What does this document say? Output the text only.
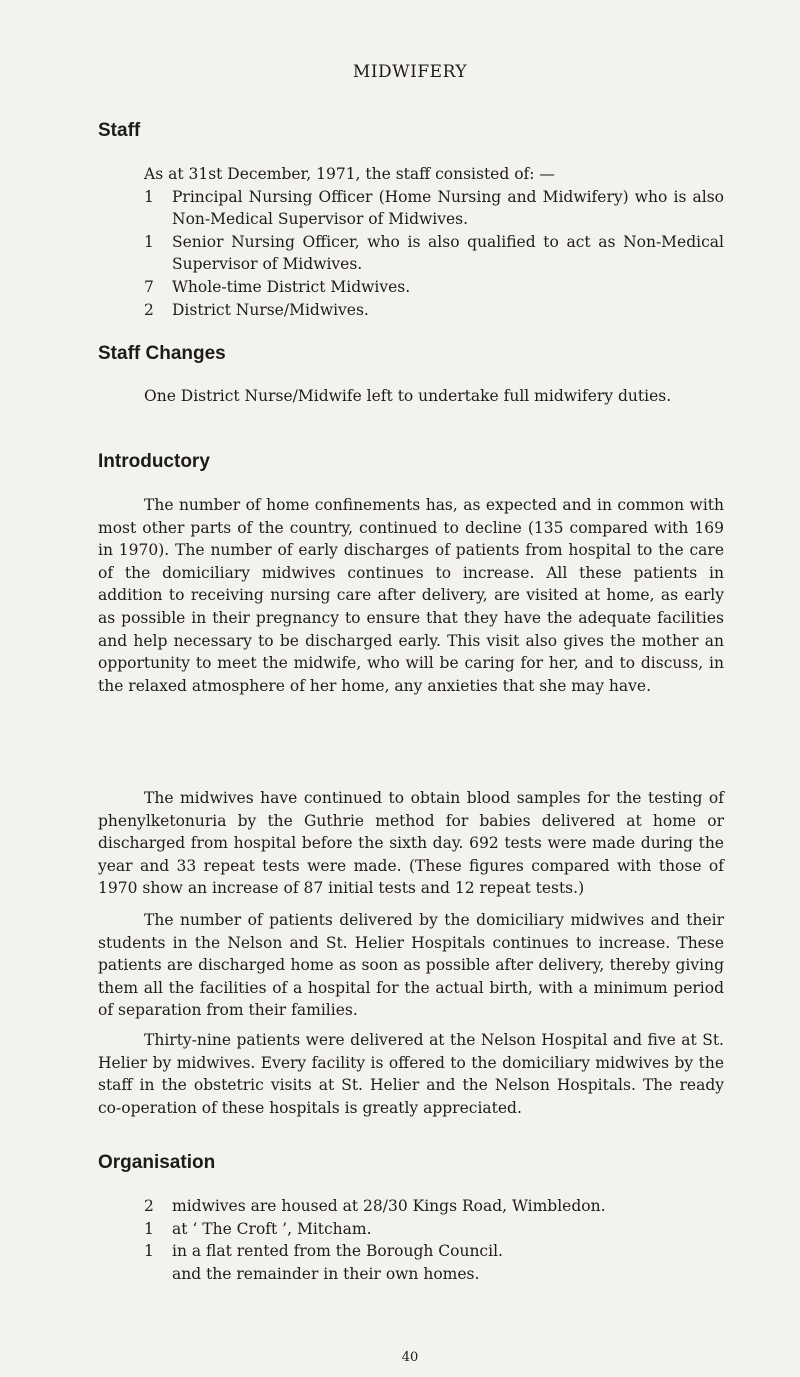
MIDWIFERY
Staff

As at 31st December, 1971, the staff consisted of: —

1	Principal Nursing Officer (Home Nursing and Midwifery) who is also Non-Medical Supervisor of Midwives.
1	Senior Nursing Officer, who is also qualified to act as Non-Medical Supervisor of Midwives.
7	Whole-time District Midwives.
2	District Nurse/Midwives.
Staff Changes

One District Nurse/Midwife left to undertake full midwifery duties.

Introductory

The number of home confinements has, as expected and in common with most other parts of the country, continued to decline (135 compared with 169 in 1970). The number of early discharges of patients from hospital to the care of the domiciliary midwives continues to increase. All these patients in addition to receiving nursing care after delivery, are visited at home, as early as possible in their pregnancy to ensure that they have the adequate facilities and help necessary to be discharged early. This visit also gives the mother an opportunity to meet the midwife, who will be caring for her, and to discuss, in the relaxed atmosphere of her home, any anxieties that she may have.

The midwives have continued to obtain blood samples for the testing of phenylketonuria by the Guthrie method for babies delivered at home or discharged from hospital before the sixth day. 692 tests were made during the year and 33 repeat tests were made. (These figures compared with those of 1970 show an increase of 87 initial tests and 12 repeat tests.)

The number of patients delivered by the domiciliary midwives and their students in the Nelson and St. Helier Hospitals continues to increase. These patients are discharged home as soon as possible after delivery, thereby giving them all the facilities of a hospital for the actual birth, with a minimum period of separation from their families.

Thirty-nine patients were delivered at the Nelson Hospital and five at St. Helier by midwives. Every facility is offered to the domiciliary midwives by the staff in the obstetric visits at St. Helier and the Nelson Hospitals. The ready co-operation of these hospitals is greatly appreciated.

Organisation
2	midwives are housed at 28/30 Kings Road, Wimbledon.
1	at ‘ The Croft ’, Mitcham.
1	in a flat rented from the Borough Council.
and the remainder in their own homes.
40
